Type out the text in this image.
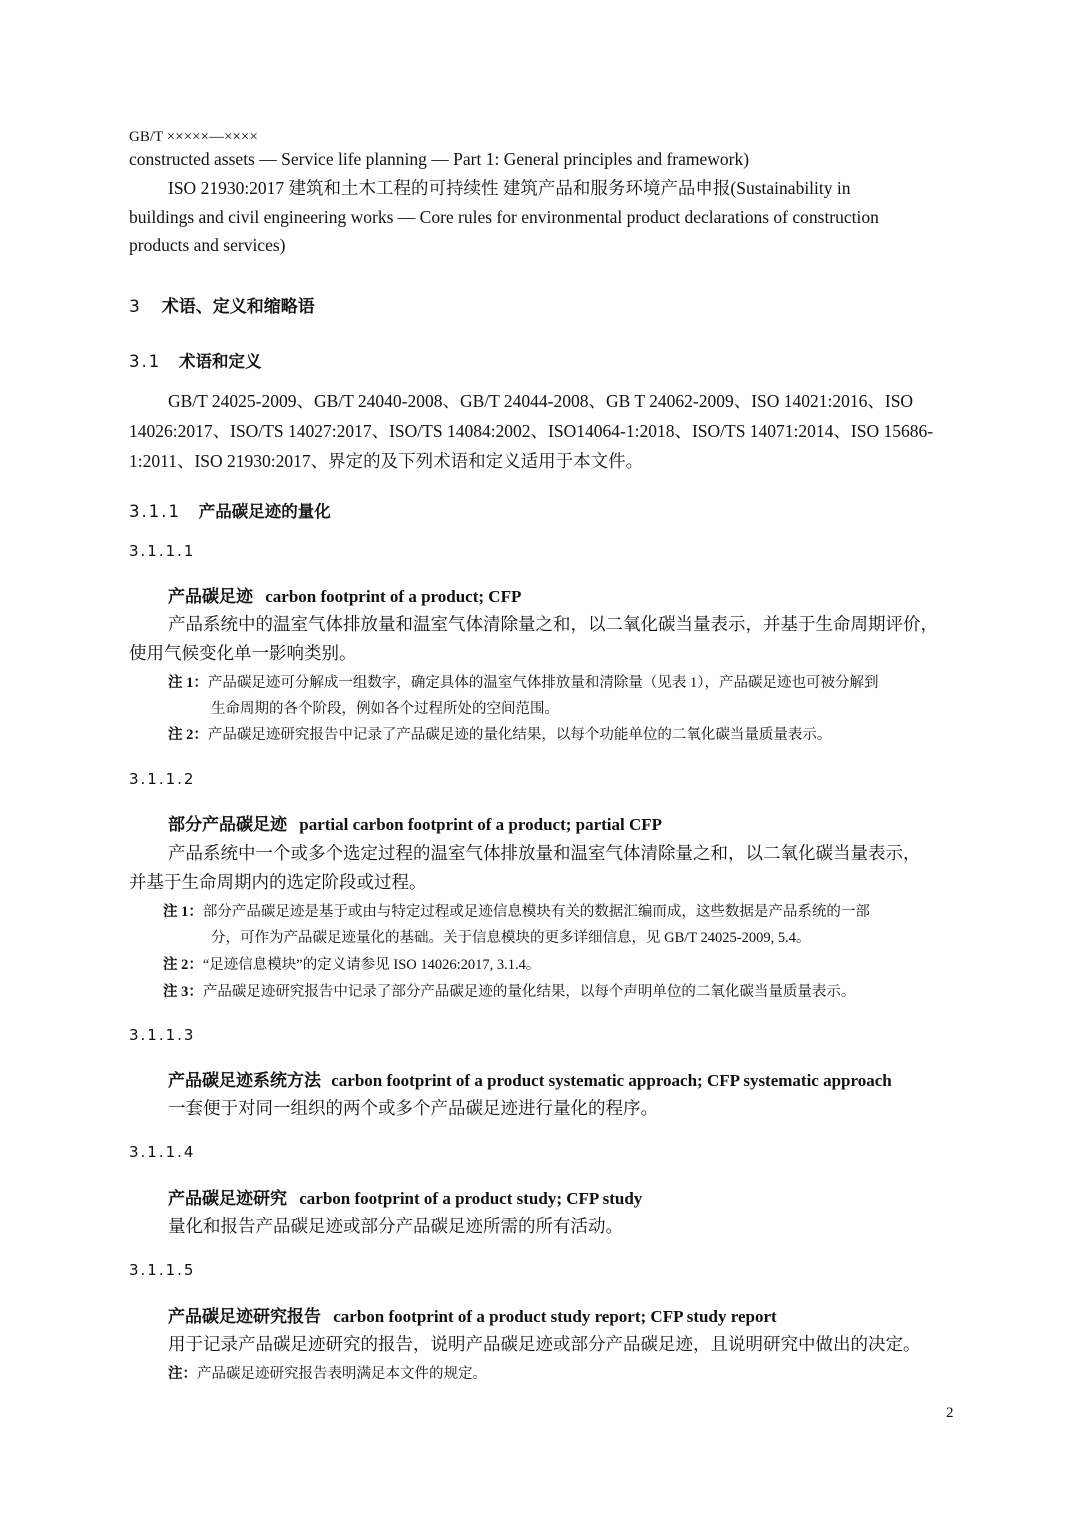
GB/T ×××××—××××

constructed assets — Service life planning — Part 1: General principles and framework)

ISO 21930:2017 建筑和土木工程的可持续性 建筑产品和服务环境产品申报(Sustainability in

buildings and civil engineering works — Core rules for environmental product declarations of construction

products and services)

3 术语、定义和缩略语
3.1 术语和定义

GB/T 24025-2009、GB/T 24040-2008、GB/T 24044-2008、GB T 24062-2009、ISO 14021:2016、ISO

14026:2017、ISO/TS 14027:2017、ISO/TS 14084:2002、ISO14064-1:2018、ISO/TS 14071:2014、ISO 15686-

1:2011、ISO 21930:2017、界定的及下列术语和定义适用于本文件。

3.1.1 产品碳足迹的量化

3.1.1.1

产品碳足迹 carbon footprint of a product; CFP

产品系统中的温室气体排放量和温室气体清除量之和，以二氧化碳当量表示，并基于生命周期评价，

使用气候变化单一影响类别。

注 1：产品碳足迹可分解成一组数字，确定具体的温室气体排放量和清除量（见表 1），产品碳足迹也可被分解到
生命周期的各个阶段，例如各个过程所处的空间范围。
注 2：产品碳足迹研究报告中记录了产品碳足迹的量化结果，以每个功能单位的二氧化碳当量质量表示。

3.1.1.2

部分产品碳足迹 partial carbon footprint of a product; partial CFP

产品系统中一个或多个选定过程的温室气体排放量和温室气体清除量之和，以二氧化碳当量表示，

并基于生命周期内的选定阶段或过程。

注 1：部分产品碳足迹是基于或由与特定过程或足迹信息模块有关的数据汇编而成，这些数据是产品系统的一部
分，可作为产品碳足迹量化的基础。关于信息模块的更多详细信息，见 GB/T 24025-2009, 5.4。
注 2：“足迹信息模块”的定义请参见 ISO 14026:2017, 3.1.4。
注 3：产品碳足迹研究报告中记录了部分产品碳足迹的量化结果，以每个声明单位的二氧化碳当量质量表示。

3.1.1.3

产品碳足迹系统方法 carbon footprint of a product systematic approach; CFP systematic approach

一套便于对同一组织的两个或多个产品碳足迹进行量化的程序。

3.1.1.4

产品碳足迹研究 carbon footprint of a product study; CFP study

量化和报告产品碳足迹或部分产品碳足迹所需的所有活动。

3.1.1.5

产品碳足迹研究报告 carbon footprint of a product study report; CFP study report

用于记录产品碳足迹研究的报告，说明产品碳足迹或部分产品碳足迹，且说明研究中做出的决定。

注：产品碳足迹研究报告表明满足本文件的规定。

2
